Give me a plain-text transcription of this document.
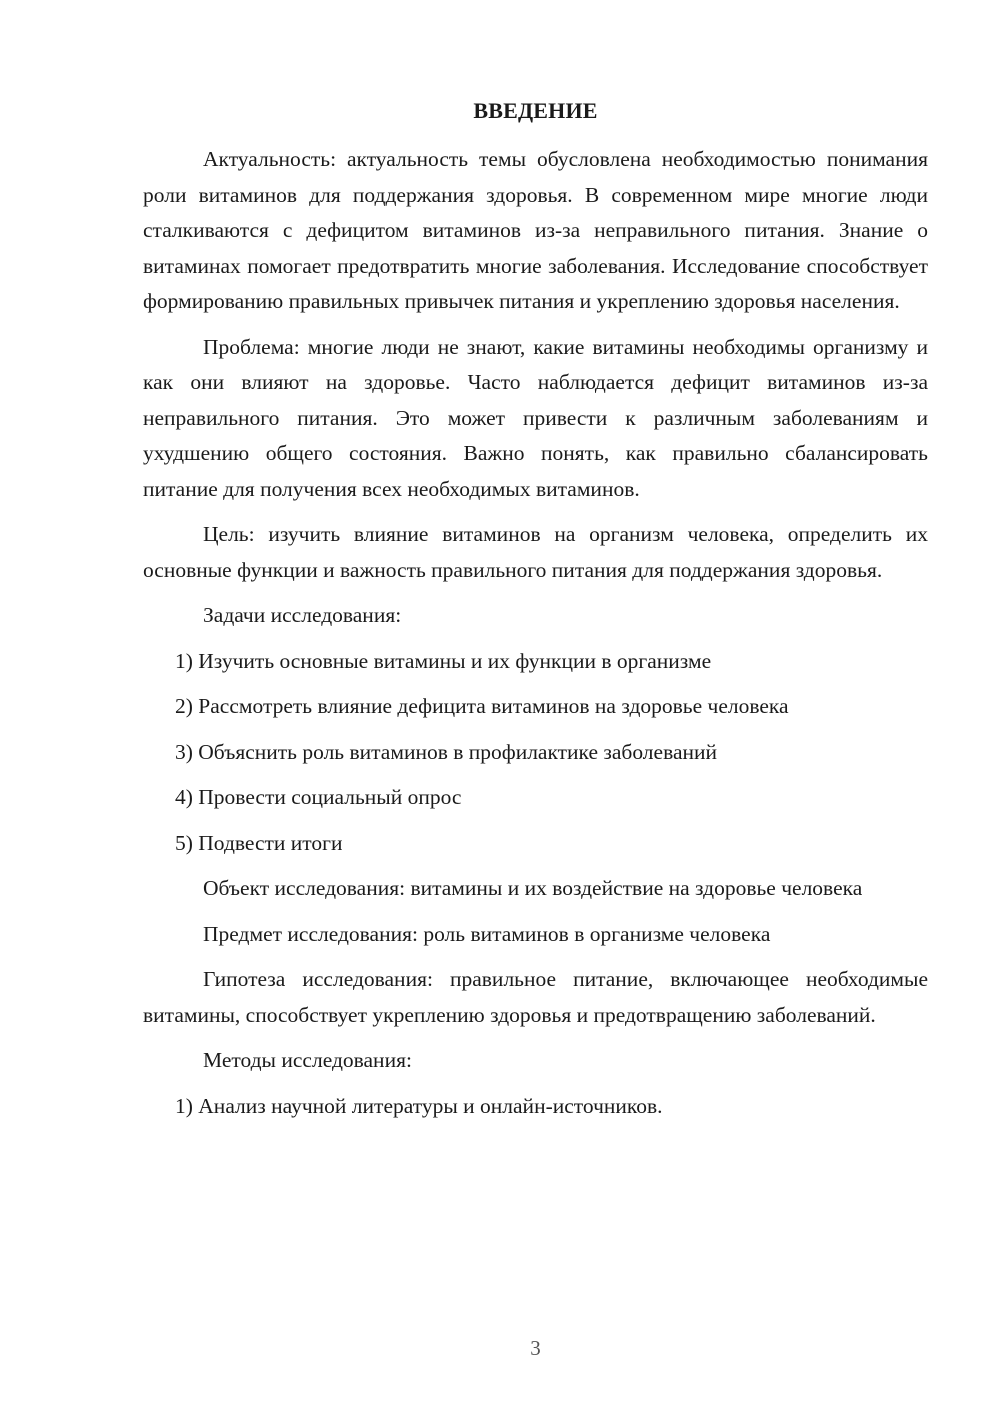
ВВЕДЕНИЕ

Актуальность: актуальность темы обусловлена необходимостью понимания роли витаминов для поддержания здоровья. В современном мире многие люди сталкиваются с дефицитом витаминов из-за неправильного питания. Знание о витаминах помогает предотвратить многие заболевания. Исследование способствует формированию правильных привычек питания и укреплению здоровья населения.

Проблема: многие люди не знают, какие витамины необходимы организму и как они влияют на здоровье. Часто наблюдается дефицит витаминов из-за неправильного питания. Это может привести к различным заболеваниям и ухудшению общего состояния. Важно понять, как правильно сбалансировать питание для получения всех необходимых витаминов.

Цель: изучить влияние витаминов на организм человека, определить их основные функции и важность правильного питания для поддержания здоровья.

Задачи исследования:

1) Изучить основные витамины и их функции в организме

2) Рассмотреть влияние дефицита витаминов на здоровье человека

3) Объяснить роль витаминов в профилактике заболеваний

4) Провести социальный опрос

5) Подвести итоги

Объект исследования: витамины и их воздействие на здоровье человека

Предмет исследования: роль витаминов в организме человека

Гипотеза исследования: правильное питание, включающее необходимые витамины, способствует укреплению здоровья и предотвращению заболеваний.

Методы исследования:

1) Анализ научной литературы и онлайн-источников.

3
